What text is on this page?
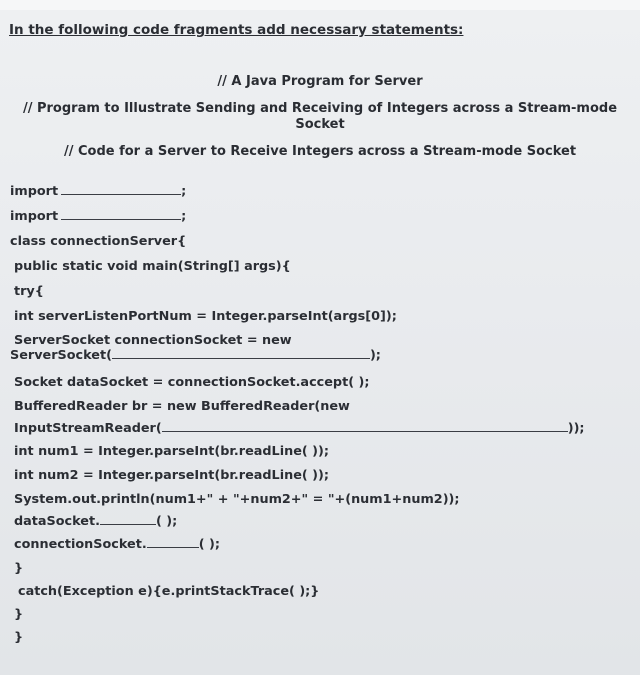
In the following code fragments add necessary statements:
// A Java Program for Server
// Program to Illustrate Sending and Receiving of Integers across a Stream-mode
Socket
// Code for a Server to Receive Integers across a Stream-mode Socket
import	;
import	;
class connectionServer{
public static void main(String[] args){
try{
int serverListenPortNum = Integer.parseInt(args[0]);
ServerSocket connectionSocket = new
ServerSocket(	);
Socket dataSocket = connectionSocket.accept( );
BufferedReader br = new BufferedReader(new
InputStreamReader(	));
int num1 = Integer.parseInt(br.readLine( ));
int num2 = Integer.parseInt(br.readLine( ));
System.out.println(num1+" + "+num2+" = "+(num1+num2));
dataSocket.	( );
connectionSocket.	( );
}
catch(Exception e){e.printStackTrace( );}
}
}
